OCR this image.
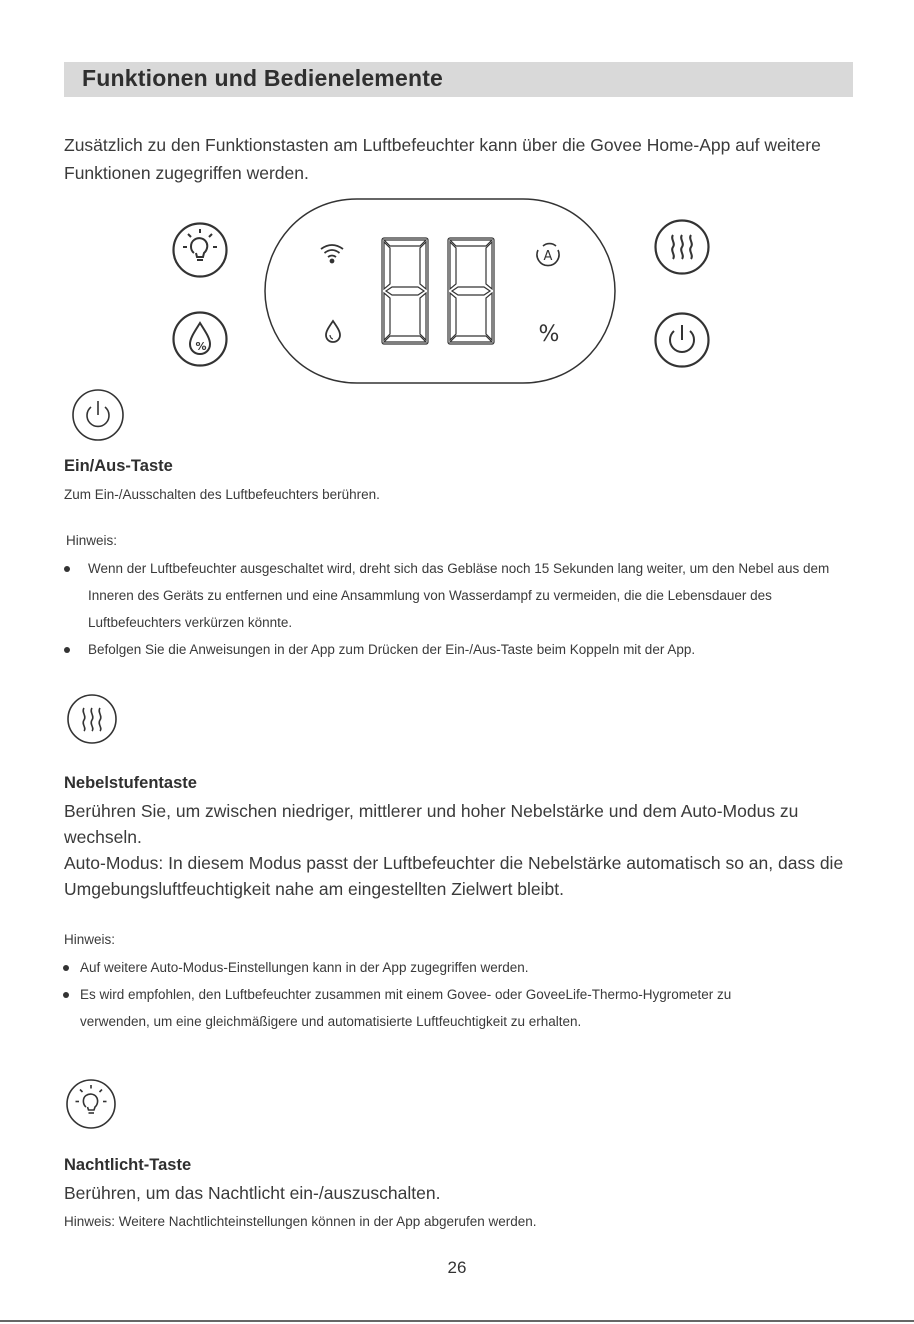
Funktionen und Bedienelemente
Zusätzlich zu den Funktionstasten am Luftbefeuchter kann über die Govee Home-App auf weitere Funktionen zugegriffen werden.
%
A
%
Ein/Aus-Taste
Zum Ein-/Ausschalten des Luftbefeuchters berühren.
Hinweis:
Wenn der Luftbefeuchter ausgeschaltet wird, dreht sich das Gebläse noch 15 Sekunden lang weiter, um den Nebel aus dem Inneren des Geräts zu entfernen und eine Ansammlung von Wasserdampf zu vermeiden, die die Lebensdauer des Luftbefeuchters verkürzen könnte.
Befolgen Sie die Anweisungen in der App zum Drücken der Ein-/Aus-Taste beim Koppeln mit der App.
Nebelstufentaste
Berühren Sie, um zwischen niedriger, mittlerer und hoher Nebelstärke und dem Auto-Modus zu wechseln.
Auto-Modus: In diesem Modus passt der Luftbefeuchter die Nebelstärke automatisch so an, dass die Umgebungsluftfeuchtigkeit nahe am eingestellten Zielwert bleibt.
Hinweis:
Auf weitere Auto-Modus-Einstellungen kann in der App zugegriffen werden.
Es wird empfohlen, den Luftbefeuchter zusammen mit einem Govee- oder GoveeLife-Thermo-Hygrometer zu verwenden, um eine gleichmäßigere und automatisierte Luftfeuchtigkeit zu erhalten.
Nachtlicht-Taste
Berühren, um das Nachtlicht ein-/auszuschalten.
Hinweis: Weitere Nachtlichteinstellungen können in der App abgerufen werden.
26
